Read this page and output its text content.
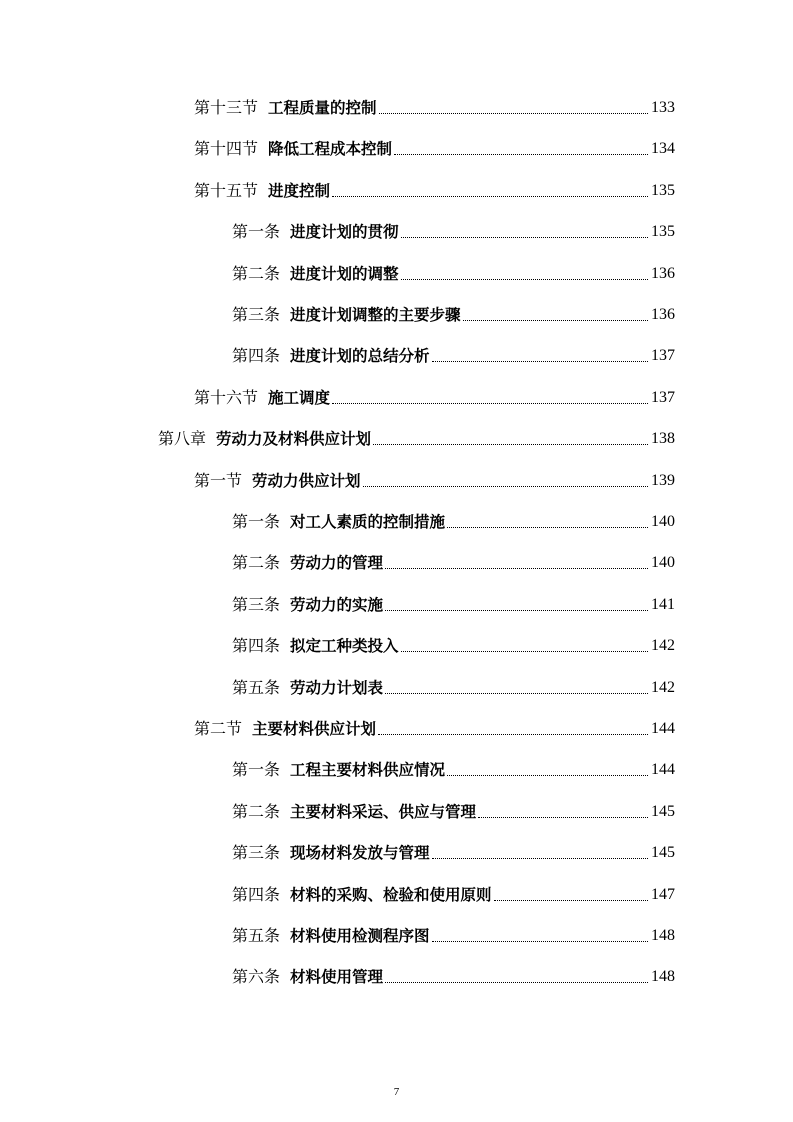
第十三节 工程质量的控制	133
第十四节 降低工程成本控制	134
第十五节 进度控制	135
第一条 进度计划的贯彻	135
第二条 进度计划的调整	136
第三条 进度计划调整的主要步骤	136
第四条 进度计划的总结分析	137
第十六节 施工调度	137
第八章 劳动力及材料供应计划	138
第一节 劳动力供应计划	139
第一条 对工人素质的控制措施	140
第二条 劳动力的管理	140
第三条 劳动力的实施	141
第四条 拟定工种类投入	142
第五条 劳动力计划表	142
第二节 主要材料供应计划	144
第一条 工程主要材料供应情况	144
第二条 主要材料采运、供应与管理	145
第三条 现场材料发放与管理	145
第四条 材料的采购、检验和使用原则	147
第五条 材料使用检测程序图	148
第六条 材料使用管理	148
7
